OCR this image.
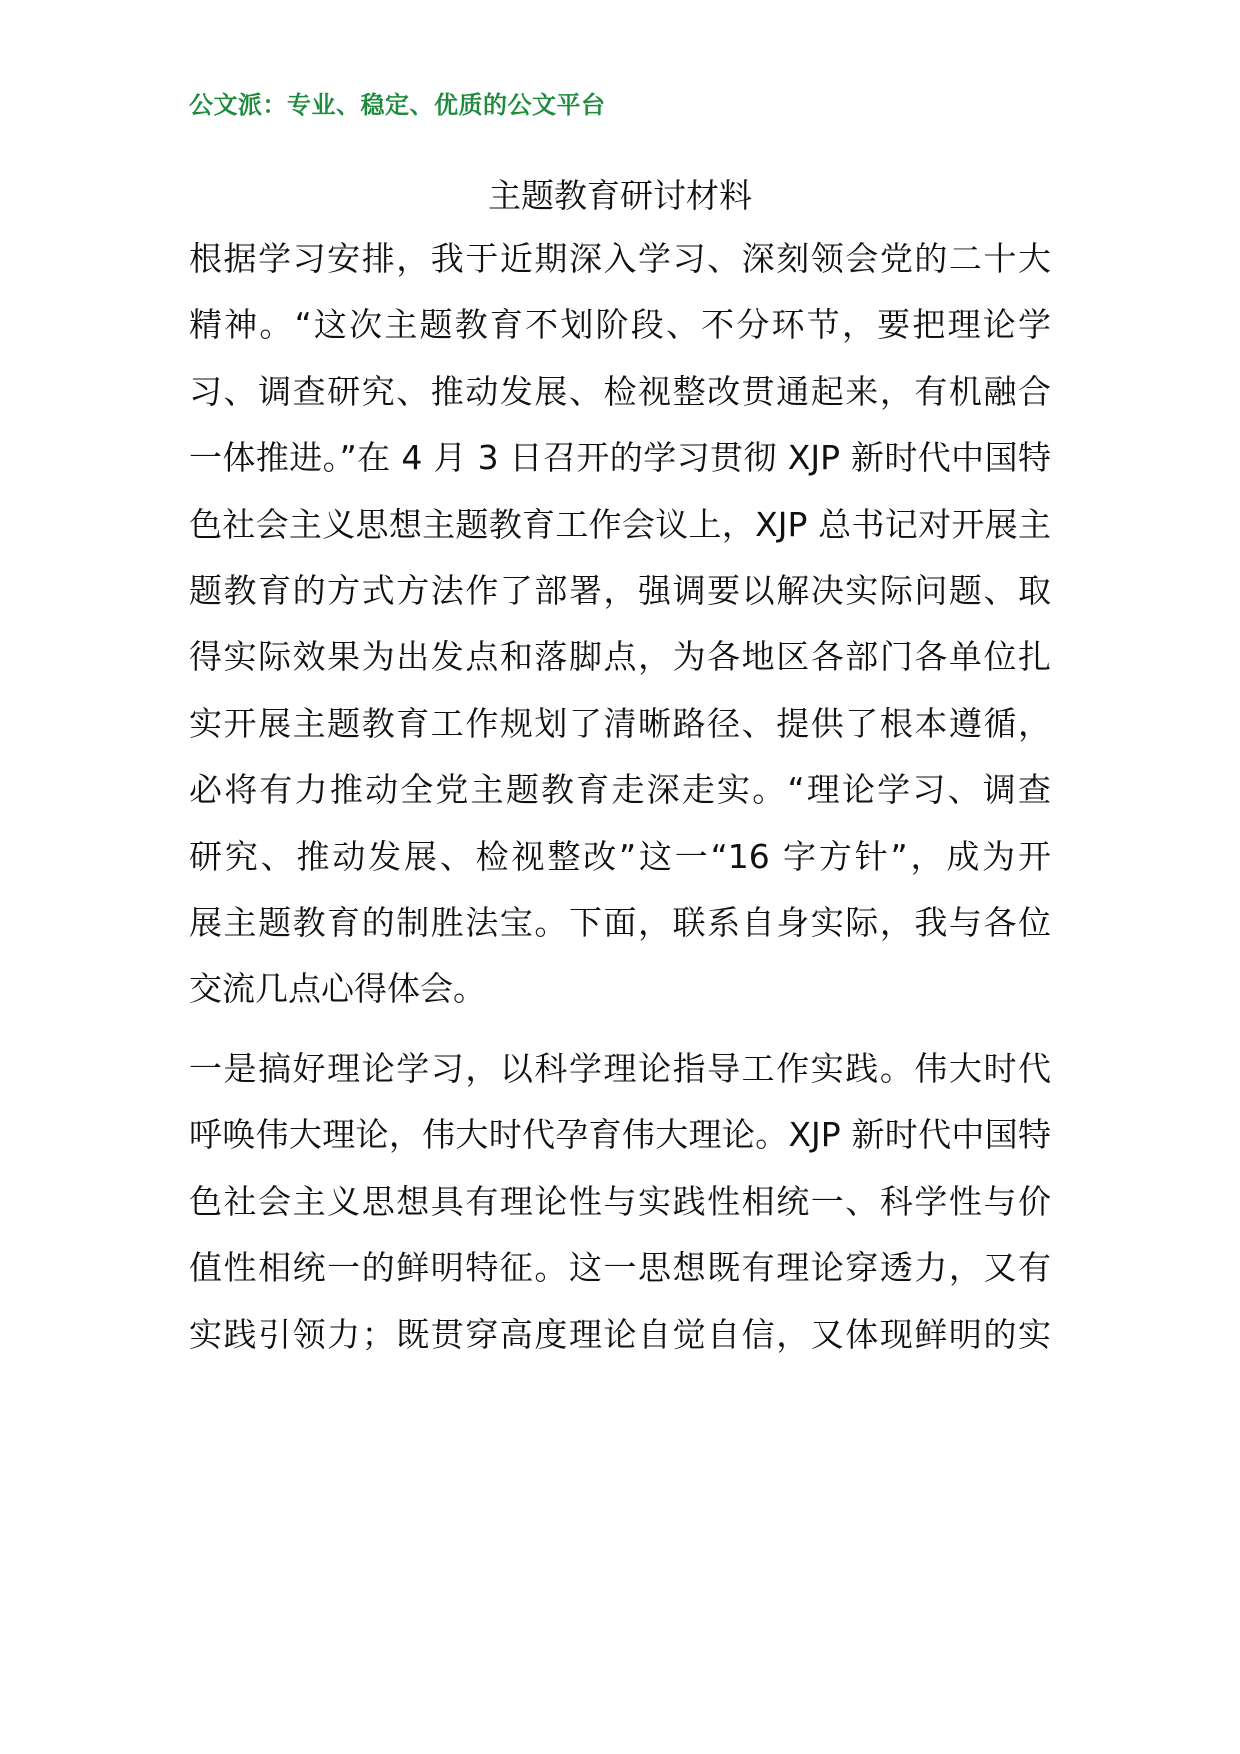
公文派：专业、稳定、优质的公文平台
主题教育研讨材料
根据学习安排，我于近期深入学习、深刻领会党的二十大
精神。“这次主题教育不划阶段、不分环节，要把理论学
习、调查研究、推动发展、检视整改贯通起来，有机融合
一体推进。”在 4 月 3 日召开的学习贯彻 XJP 新时代中国特
色社会主义思想主题教育工作会议上，XJP 总书记对开展主
题教育的方式方法作了部署，强调要以解决实际问题、取
得实际效果为出发点和落脚点，为各地区各部门各单位扎
实开展主题教育工作规划了清晰路径、提供了根本遵循，
必将有力推动全党主题教育走深走实。“理论学习、调查
研究、推动发展、检视整改”这一“16 字方针”，成为开
展主题教育的制胜法宝。下面，联系自身实际，我与各位
交流几点心得体会。
一是搞好理论学习，以科学理论指导工作实践。伟大时代
呼唤伟大理论，伟大时代孕育伟大理论。XJP 新时代中国特
色社会主义思想具有理论性与实践性相统一、科学性与价
值性相统一的鲜明特征。这一思想既有理论穿透力，又有
实践引领力；既贯穿高度理论自觉自信，又体现鲜明的实
